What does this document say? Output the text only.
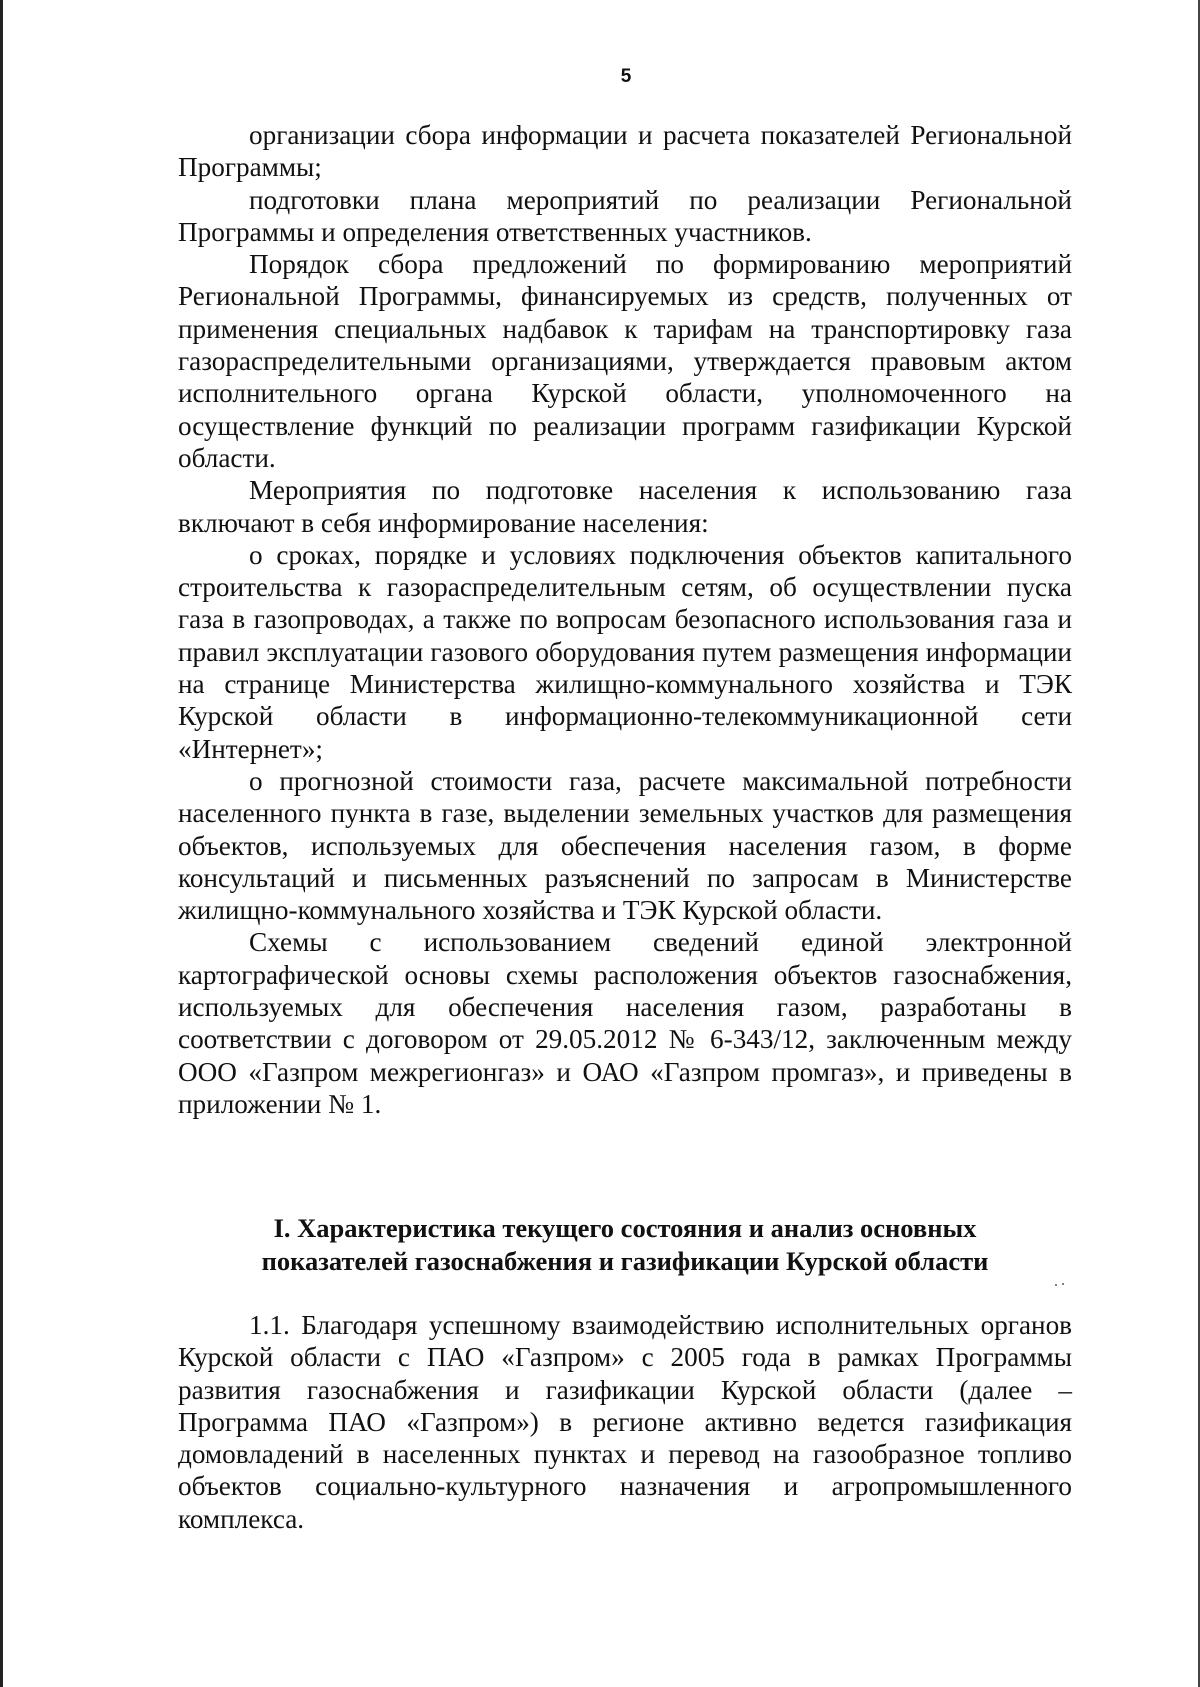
5

организации сбора информации и расчета показателей Региональной Программы;

подготовки плана мероприятий по реализации Региональной Программы и определения ответственных участников.

Порядок сбора предложений по формированию мероприятий Региональной Программы, финансируемых из средств, полученных от применения специальных надбавок к тарифам на транспортировку газа газораспределительными организациями, утверждается правовым актом исполнительного органа Курской области, уполномоченного на осуществление функций по реализации программ газификации Курской области.

Мероприятия по подготовке населения к использованию газа включают в себя информирование населения:

о сроках, порядке и условиях подключения объектов капитального строительства к газораспределительным сетям, об осуществлении пуска газа в газопроводах, а также по вопросам безопасного использования газа и правил эксплуатации газового оборудования путем размещения информации на странице Министерства жилищно-коммунального хозяйства и ТЭК Курской области в информационно-телекоммуникационной сети «Интернет»;

о прогнозной стоимости газа, расчете максимальной потребности населенного пункта в газе, выделении земельных участков для размещения объектов, используемых для обеспечения населения газом, в форме консультаций и письменных разъяснений по запросам в Министерстве жилищно-коммунального хозяйства и ТЭК Курской области.

Схемы с использованием сведений единой электронной картографической основы схемы расположения объектов газоснабжения, используемых для обеспечения населения газом, разработаны в соответствии с договором от 29.05.2012 № 6-343/12, заключенным между ООО «Газпром межрегионгаз» и ОАО «Газпром промгаз», и приведены в приложении № 1.

I. Характеристика текущего состояния и анализ основных
показателей газоснабжения и газификации Курской области

1.1. Благодаря успешному взаимодействию исполнительных органов Курской области с ПАО «Газпром» с 2005 года в рамках Программы развития газоснабжения и газификации Курской области (далее – Программа ПАО «Газпром») в регионе активно ведется газификация домовладений в населенных пунктах и перевод на газообразное топливо объектов социально-культурного назначения и агропромышленного комплекса.
